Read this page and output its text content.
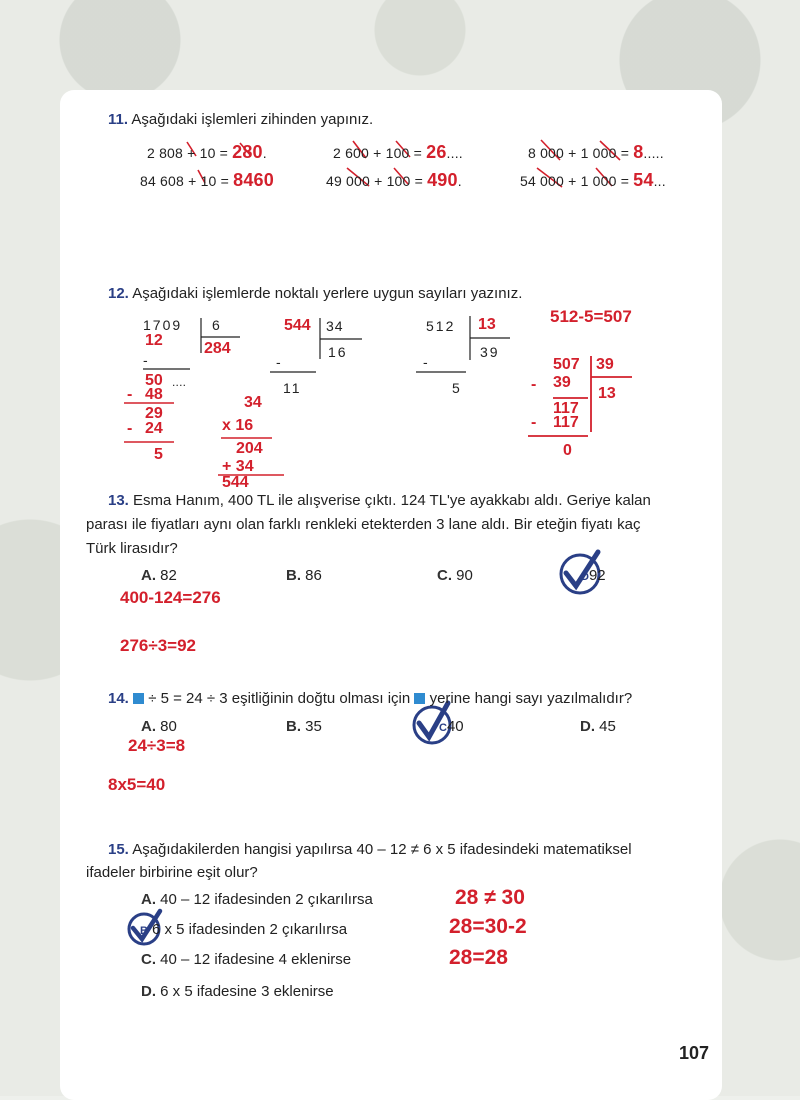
11. Aşağıdaki işlemleri zihinden yapınız.
2 808 + 10 = 280.	2 600 + 100 = 26....	8 000 + 1 000 = 8.....
84 608 + 10 = 8460	49 000 + 100 = 490.	54 000 + 1 000 = 54...
12. Aşağıdaki işlemlerde noktalı yerlere uygun sayıları yazınız.
1709 6
284
12
-
50 ....
- 48
29
- 24
5
544 34
16
-
11
34
x 16
204
+ 34
544
512 13
39
-
5
512-5=507
507 39
- 39
13
117
- 117
0
13. Esma Hanım, 400 TL ile alışverise çıktı. 124 TL'ye ayakkabı aldı. Geriye kalan
parası ile fiyatları aynı olan farklı renkleki etekterden 3 lane aldı. Bir eteğin fiyatı kaç
Türk lirasıdır?
A. 82	B. 86	C. 90	D92
400-124=276
276÷3=92
14. ÷ 5 = 24 ÷ 3 eşitliğinin doğtu olması için yerine hangi sayı yazılmalıdır?
A. 80	B. 35	C40	D. 45
24÷3=8
8x5=40
15. Aşağıdakilerden hangisi yapılırsa 40 – 12 ≠ 6 x 5 ifadesindeki matematiksel
ifadeler birbirine eşit olur?
A. 40 – 12 ifadesinden 2 çıkarılırsa
B 6 x 5 ifadesinden 2 çıkarılırsa
C. 40 – 12 ifadesine 4 eklenirse
D. 6 x 5 ifadesine 3 eklenirse
28 ≠ 30
28=30-2
28=28
107
